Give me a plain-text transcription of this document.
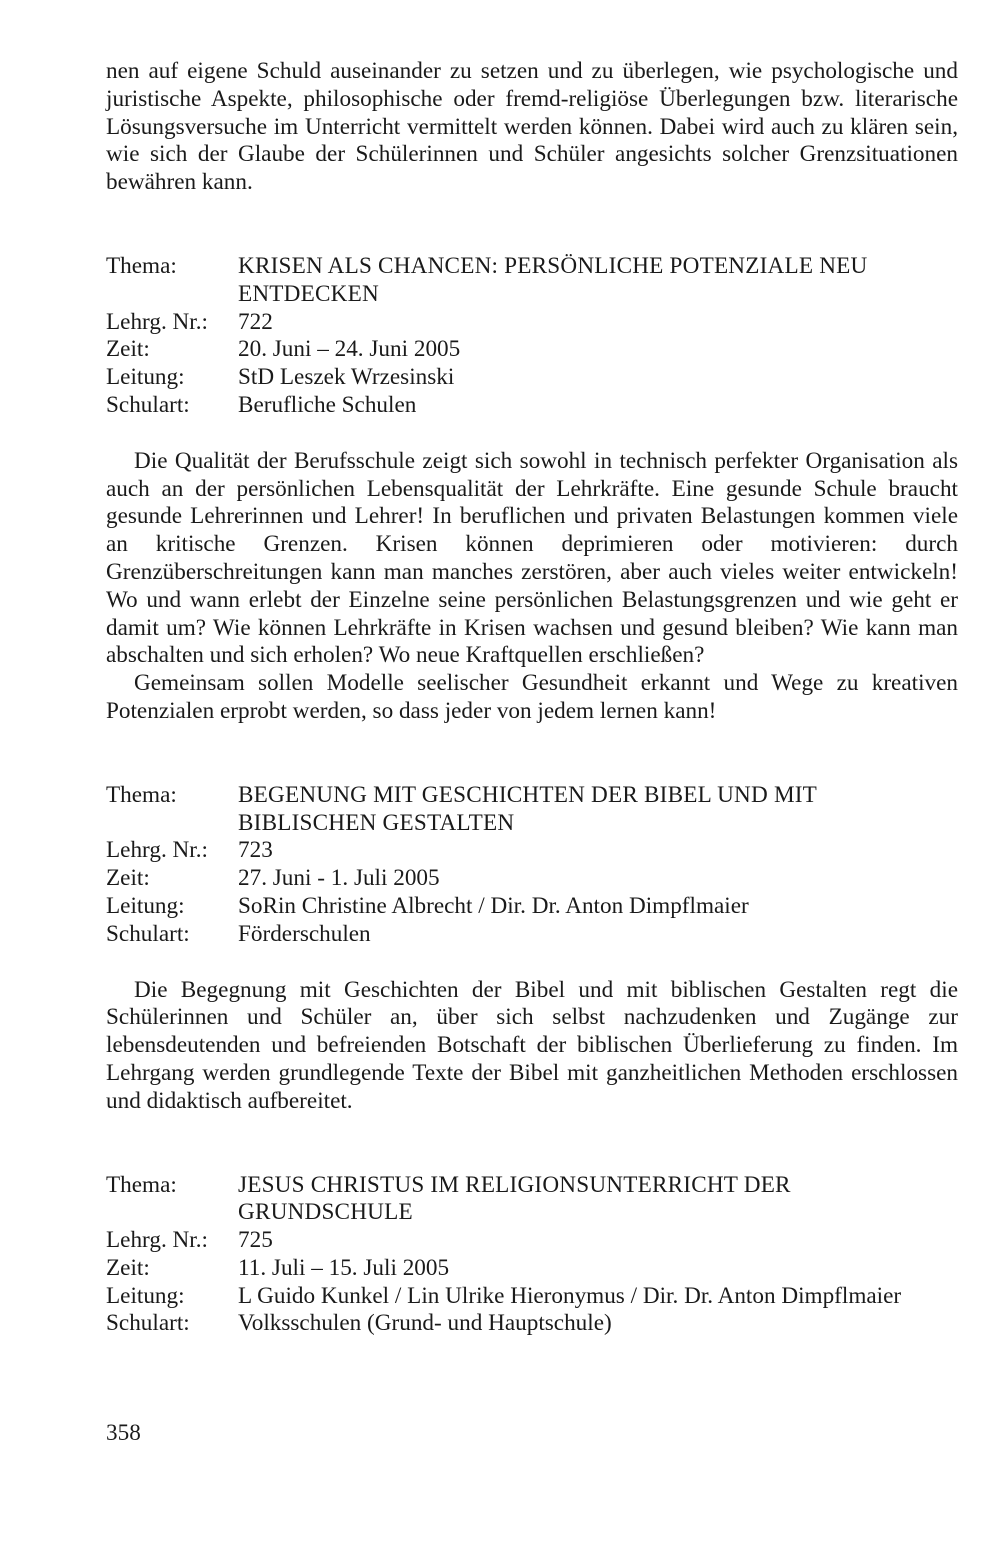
nen auf eigene Schuld auseinander zu setzen und zu überlegen, wie psychologische und juristische Aspekte, philosophische oder fremd-religiöse Überlegungen bzw. literarische Lösungsversuche im Unterricht vermittelt werden können. Dabei wird auch zu klären sein, wie sich der Glaube der Schülerinnen und Schüler angesichts solcher Grenzsituationen bewähren kann.

Thema:	KRISEN ALS CHANCEN: PERSÖNLICHE POTENZIALE NEU ENTDECKEN
Lehrg. Nr.:	722
Zeit:	20. Juni – 24. Juni 2005
Leitung:	StD Leszek Wrzesinski
Schulart:	Berufliche Schulen

Die Qualität der Berufsschule zeigt sich sowohl in technisch perfekter Organisation als auch an der persönlichen Lebensqualität der Lehrkräfte. Eine gesunde Schule braucht gesunde Lehrerinnen und Lehrer! In beruflichen und privaten Belastungen kommen viele an kritische Grenzen. Krisen können deprimieren oder motivieren: durch Grenzüberschreitungen kann man manches zerstören, aber auch vieles weiter entwickeln! Wo und wann erlebt der Einzelne seine persönlichen Belastungsgrenzen und wie geht er damit um? Wie können Lehrkräfte in Krisen wachsen und gesund bleiben? Wie kann man abschalten und sich erholen? Wo neue Kraftquellen erschließen?

Gemeinsam sollen Modelle seelischer Gesundheit erkannt und Wege zu kreativen Potenzialen erprobt werden, so dass jeder von jedem lernen kann!

Thema:	BEGENUNG MIT GESCHICHTEN DER BIBEL UND MIT BIBLISCHEN GESTALTEN
Lehrg. Nr.:	723
Zeit:	27. Juni - 1. Juli 2005
Leitung:	SoRin Christine Albrecht / Dir. Dr. Anton Dimpflmaier
Schulart:	Förderschulen

Die Begegnung mit Geschichten der Bibel und mit biblischen Gestalten regt die Schülerinnen und Schüler an, über sich selbst nachzudenken und Zugänge zur lebensdeutenden und befreienden Botschaft der biblischen Überlieferung zu finden. Im Lehrgang werden grundlegende Texte der Bibel mit ganzheitlichen Methoden erschlossen und didaktisch aufbereitet.

Thema:	JESUS CHRISTUS IM RELIGIONSUNTERRICHT DER GRUNDSCHULE
Lehrg. Nr.:	725
Zeit:	11. Juli – 15. Juli 2005
Leitung:	L Guido Kunkel / Lin Ulrike Hieronymus / Dir. Dr. Anton Dimpflmaier
Schulart:	Volksschulen (Grund- und Hauptschule)
358
